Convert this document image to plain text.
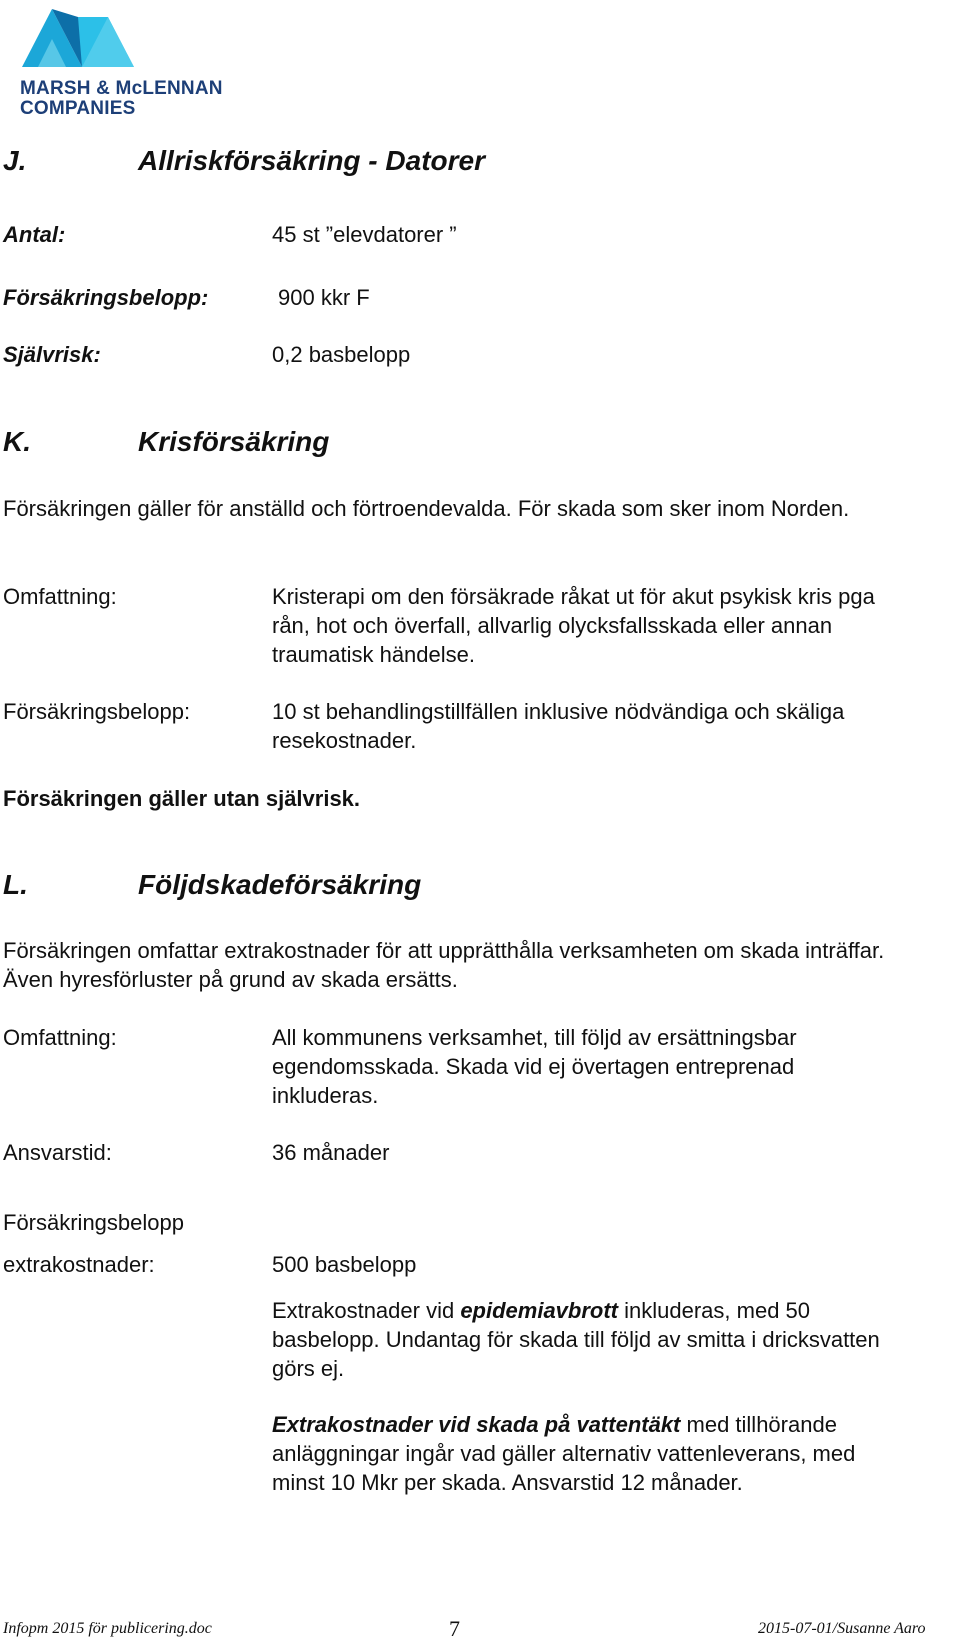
MARSH & McLENNAN
COMPANIES
J.	Allriskförsäkring - Datorer
Antal:	45 st ”elevdatorer ”
Försäkringsbelopp:	900 kkr F
Självrisk:	0,2 basbelopp
K.	Krisförsäkring
Försäkringen gäller för anställd och förtroendevalda. För skada som sker inom Norden.
Omfattning:	Kristerapi om den försäkrade råkat ut för akut psykisk kris pga rån, hot och överfall, allvarlig olycksfallsskada eller annan traumatisk händelse.
Försäkringsbelopp:	10 st behandlingstillfällen inklusive nödvändiga och skäliga resekostnader.
Försäkringen gäller utan självrisk.
L.	Följdskadeförsäkring
Försäkringen omfattar extrakostnader för att upprätthålla verksamheten om skada inträffar. Även hyresförluster på grund av skada ersätts.
Omfattning:	All kommunens verksamhet, till följd av ersättningsbar egendomsskada. Skada vid ej övertagen entreprenad inkluderas.
Ansvarstid:	36 månader
Försäkringsbelopp
extrakostnader:	500 basbelopp
Extrakostnader vid epidemiavbrott inkluderas, med 50 basbelopp. Undantag för skada till följd av smitta i dricksvatten görs ej.
Extrakostnader vid skada på vattentäkt med tillhörande anläggningar ingår vad gäller alternativ vattenleverans, med minst 10 Mkr per skada. Ansvarstid 12 månader.
Infopm 2015 för publicering.doc	7	2015-07-01/Susanne Aaro
